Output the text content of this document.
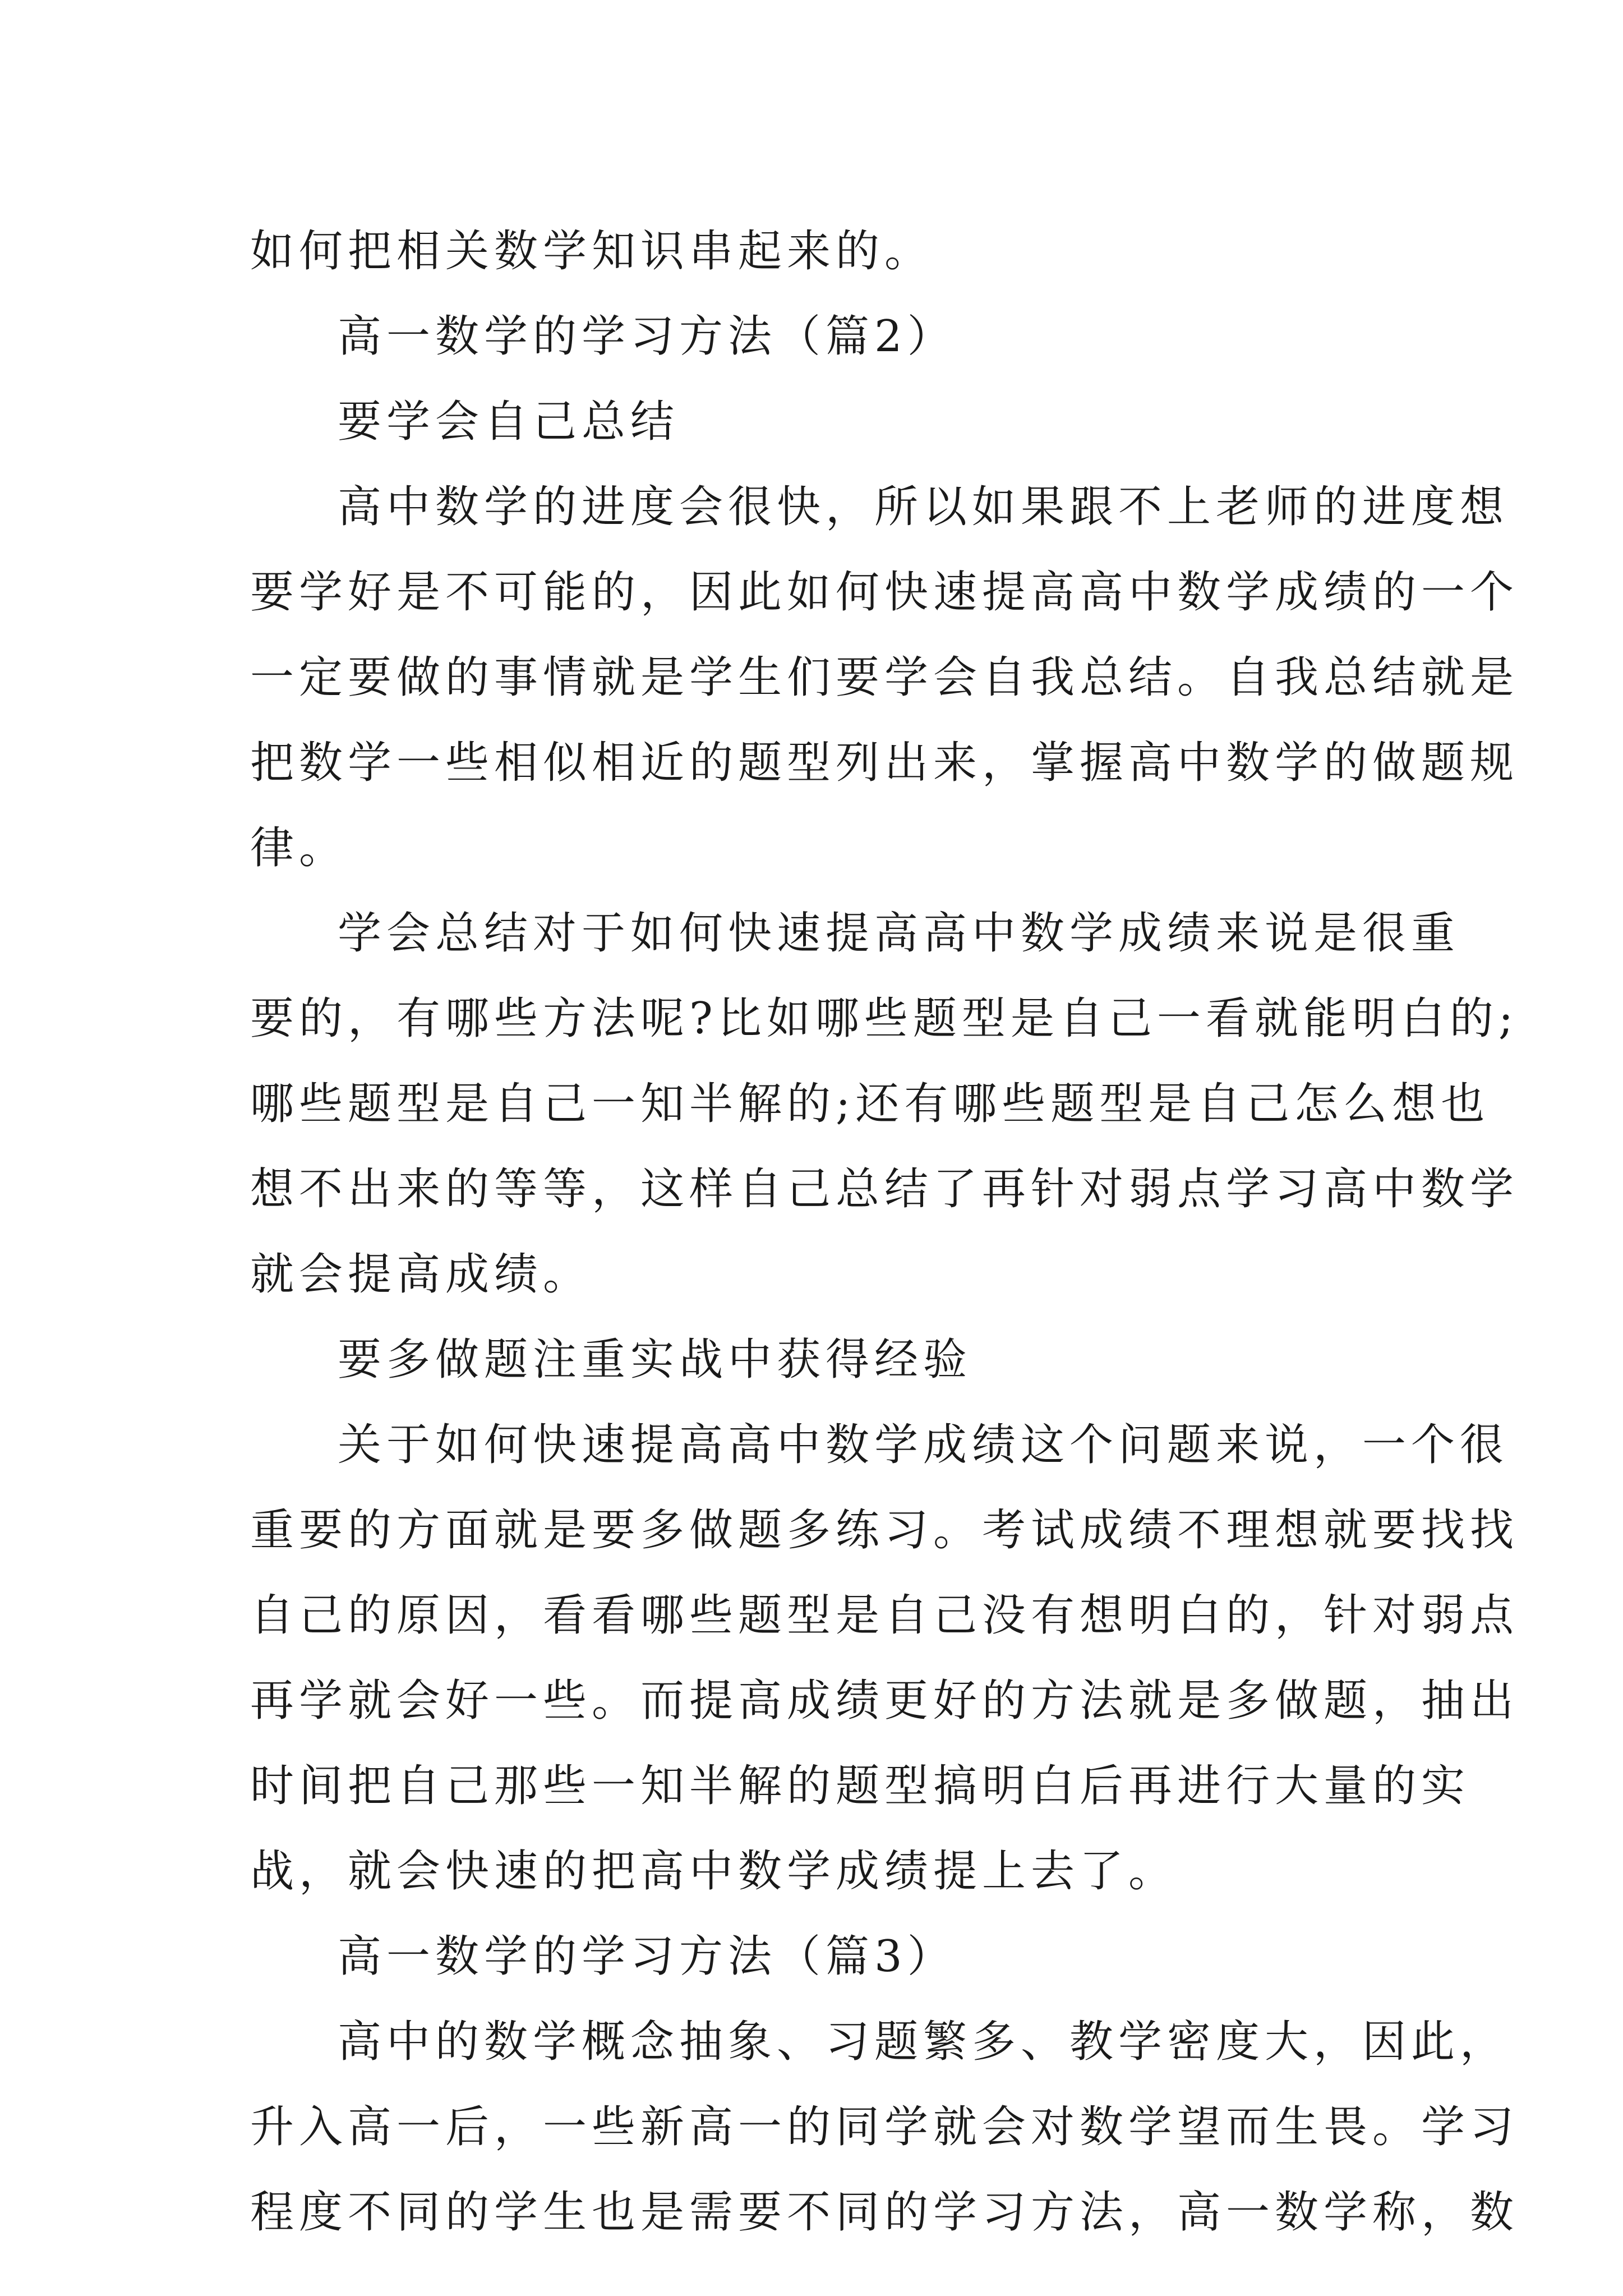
如何把相关数学知识串起来的。

高一数学的学习方法（篇2）

要学会自己总结

高中数学的进度会很快，所以如果跟不上老师的进度想

要学好是不可能的，因此如何快速提高高中数学成绩的一个

一定要做的事情就是学生们要学会自我总结。自我总结就是

把数学一些相似相近的题型列出来，掌握高中数学的做题规

律。

学会总结对于如何快速提高高中数学成绩来说是很重

要的，有哪些方法呢?比如哪些题型是自己一看就能明白的;

哪些题型是自己一知半解的;还有哪些题型是自己怎么想也

想不出来的等等，这样自己总结了再针对弱点学习高中数学

就会提高成绩。

要多做题注重实战中获得经验

关于如何快速提高高中数学成绩这个问题来说，一个很

重要的方面就是要多做题多练习。考试成绩不理想就要找找

自己的原因，看看哪些题型是自己没有想明白的，针对弱点

再学就会好一些。而提高成绩更好的方法就是多做题，抽出

时间把自己那些一知半解的题型搞明白后再进行大量的实

战，就会快速的把高中数学成绩提上去了。

高一数学的学习方法（篇3）

高中的数学概念抽象、习题繁多、教学密度大，因此，

升入高一后，一些新高一的同学就会对数学望而生畏。学习

程度不同的学生也是需要不同的学习方法，高一数学称，数
